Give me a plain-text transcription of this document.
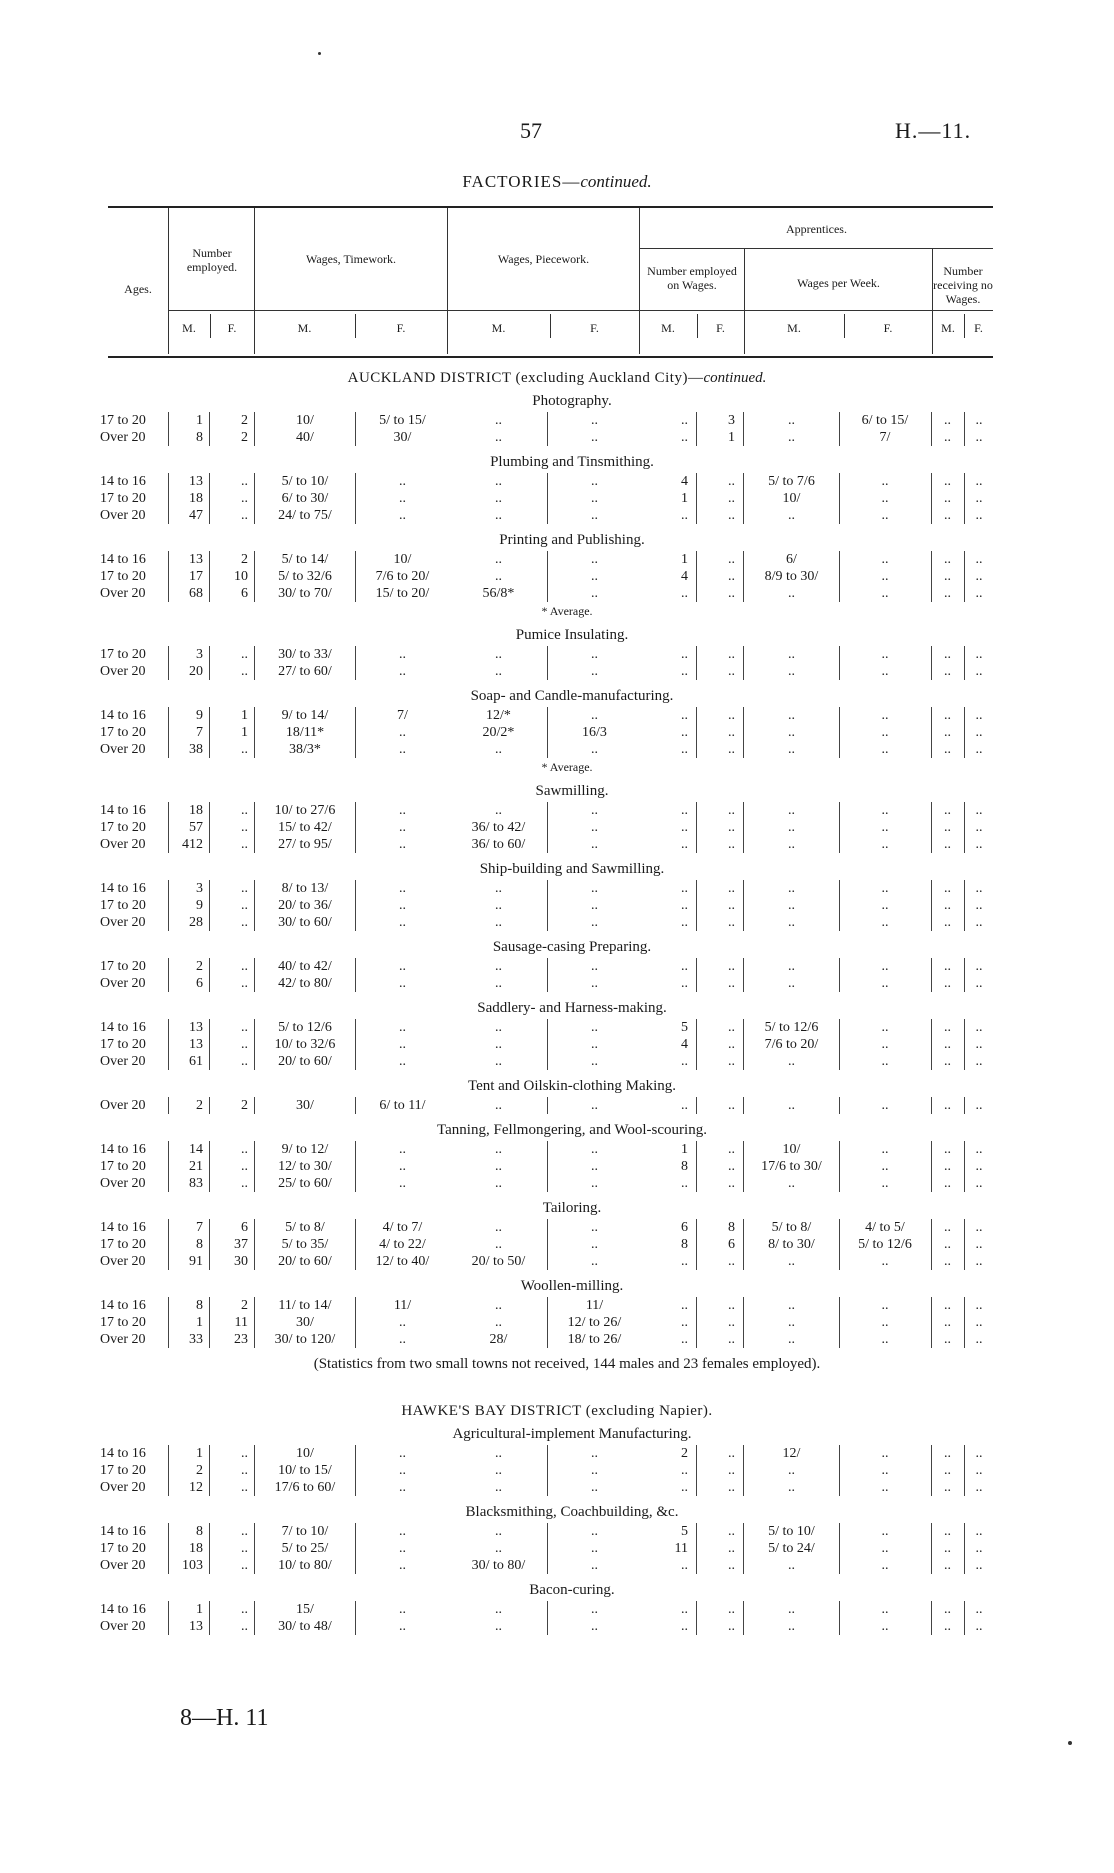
57	H.—11.
FACTORIES—continued.
Ages.
Number employed.
Wages, Timework.	Wages, Piecework.
Apprentices.
Number employed on Wages.	Wages per Week.
Number receiving no Wages.
M.	F.	M.	F.	M.	F.	M.	F.	M.	F.	M.	F.
AUCKLAND DISTRICT (excluding Auckland City)—continued.
Photography.
17 to 20	1	2	10/	5/ to 15/	..	..	..	3	..	6/ to 15/	..	..
Over 20	8	2	40/	30/	..	..	..	1	..	7/	..	..
Plumbing and Tinsmithing.
14 to 16	13	..	5/ to 10/	..	..	..	4	..	5/ to 7/6	..	..	..
17 to 20	18	..	6/ to 30/	..	..	..	1	..	10/	..	..	..
Over 20	47	..	24/ to 75/	..	..	..	..	..	..	..	..	..
Printing and Publishing.
14 to 16	13	2	5/ to 14/	10/	..	..	1	..	6/	..	..	..
17 to 20	17	10	5/ to 32/6	7/6 to 20/	..	..	4	..	8/9 to 30/	..	..	..
Over 20	68	6	30/ to 70/	15/ to 20/	56/8*	..	..	..	..	..	..	..
* Average.
Pumice Insulating.
17 to 20	3	..	30/ to 33/	..	..	..	..	..	..	..	..	..
Over 20	20	..	27/ to 60/	..	..	..	..	..	..	..	..	..
Soap- and Candle-manufacturing.
14 to 16	9	1	9/ to 14/	7/	12/*	..	..	..	..	..	..	..
17 to 20	7	1	18/11*	..	20/2*	16/3	..	..	..	..	..	..
Over 20	38	..	38/3*	..	..	..	..	..	..	..	..	..
* Average.
Sawmilling.
14 to 16	18	..	10/ to 27/6	..	..	..	..	..	..	..	..	..
17 to 20	57	..	15/ to 42/	..	36/ to 42/	..	..	..	..	..	..	..
Over 20	412	..	27/ to 95/	..	36/ to 60/	..	..	..	..	..	..	..
Ship-building and Sawmilling.
14 to 16	3	..	8/ to 13/	..	..	..	..	..	..	..	..	..
17 to 20	9	..	20/ to 36/	..	..	..	..	..	..	..	..	..
Over 20	28	..	30/ to 60/	..	..	..	..	..	..	..	..	..
Sausage-casing Preparing.
17 to 20	2	..	40/ to 42/	..	..	..	..	..	..	..	..	..
Over 20	6	..	42/ to 80/	..	..	..	..	..	..	..	..	..
Saddlery- and Harness-making.
14 to 16	13	..	5/ to 12/6	..	..	..	5	..	5/ to 12/6	..	..	..
17 to 20	13	..	10/ to 32/6	..	..	..	4	..	7/6 to 20/	..	..	..
Over 20	61	..	20/ to 60/	..	..	..	..	..	..	..	..	..
Tent and Oilskin-clothing Making.
Over 20	2	2	30/	6/ to 11/	..	..	..	..	..	..	..	..
Tanning, Fellmongering, and Wool-scouring.
14 to 16	14	..	9/ to 12/	..	..	..	1	..	10/	..	..	..
17 to 20	21	..	12/ to 30/	..	..	..	8	..	17/6 to 30/	..	..	..
Over 20	83	..	25/ to 60/	..	..	..	..	..	..	..	..	..
Tailoring.
14 to 16	7	6	5/ to 8/	4/ to 7/	..	..	6	8	5/ to 8/	4/ to 5/	..	..
17 to 20	8	37	5/ to 35/	4/ to 22/	..	..	8	6	8/ to 30/	5/ to 12/6	..	..
Over 20	91	30	20/ to 60/	12/ to 40/	20/ to 50/	..	..	..	..	..	..	..
Woollen-milling.
14 to 16	8	2	11/ to 14/	11/	..	11/	..	..	..	..	..	..
17 to 20	1	11	30/	..	..	12/ to 26/	..	..	..	..	..	..
Over 20	33	23	30/ to 120/	..	28/	18/ to 26/	..	..	..	..	..	..
(Statistics from two small towns not received, 144 males and 23 females employed).
HAWKE'S BAY DISTRICT (excluding Napier).
Agricultural-implement Manufacturing.
14 to 16	1	..	10/	..	..	..	2	..	12/	..	..	..
17 to 20	2	..	10/ to 15/	..	..	..	..	..	..	..	..	..
Over 20	12	..	17/6 to 60/	..	..	..	..	..	..	..	..	..
Blacksmithing, Coachbuilding, &c.
14 to 16	8	..	7/ to 10/	..	..	..	5	..	5/ to 10/	..	..	..
17 to 20	18	..	5/ to 25/	..	..	..	11	..	5/ to 24/	..	..	..
Over 20	103	..	10/ to 80/	..	30/ to 80/	..	..	..	..	..	..	..
Bacon-curing.
14 to 16	1	..	15/	..	..	..	..	..	..	..	..	..
Over 20	13	..	30/ to 48/	..	..	..	..	..	..	..	..	..
8—H. 11
